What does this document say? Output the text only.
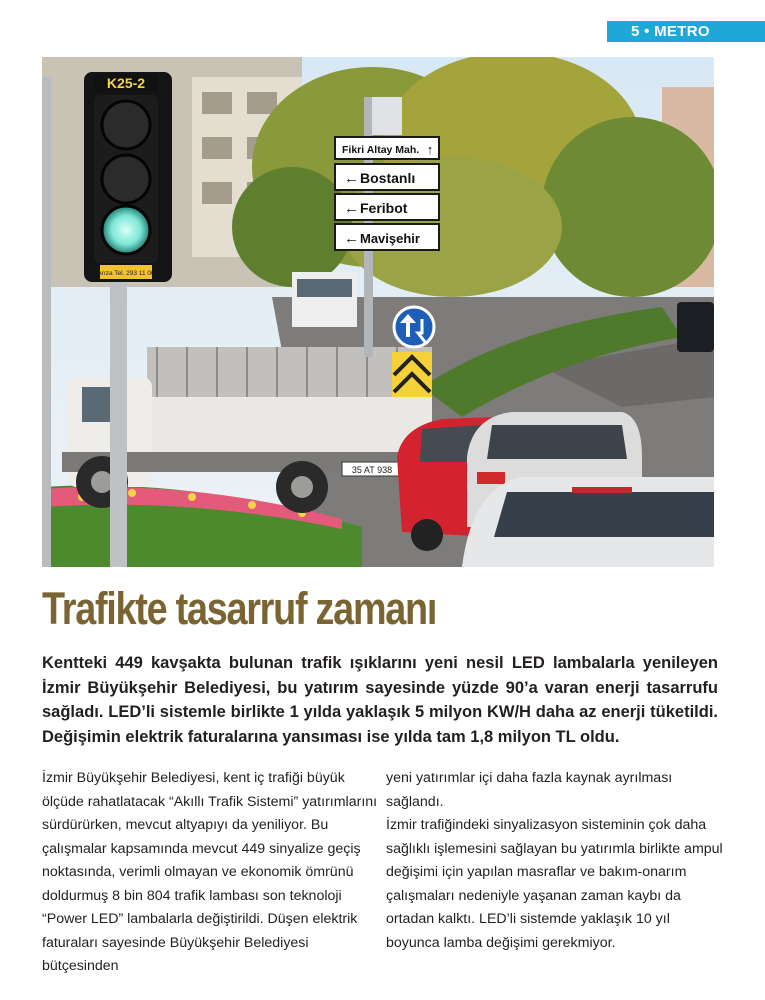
5 • METRO
35 AT 938
Fikri Altay Mah. ↑
← Bostanlı
← Feribot
← Mavişehir
K25-2
Arıza Tel. 293 11 00
Trafikte tasarruf zamanı

Kentteki 449 kavşakta bulunan trafik ışıklarını yeni nesil LED lambalarla yenileyen İzmir Büyükşehir Belediyesi, bu yatırım sayesinde yüzde 90’a varan enerji tasarrufu sağladı. LED’li sistemle birlikte 1 yılda yaklaşık 5 milyon KW/H daha az enerji tüketildi. Değişimin elektrik faturalarına yansıması ise yılda tam 1,8 milyon TL oldu.

İzmir Büyükşehir Belediyesi, kent iç trafiği büyük ölçüde rahatlatacak “Akıllı Trafik Sistemi” yatırımlarını sürdürürken, mevcut altyapıyı da yeniliyor. Bu çalışmalar kapsamında mevcut 449 sinyalize geçiş noktasında, verimli olmayan ve ekonomik ömrünü doldurmuş 8 bin 804 trafik lambası son teknoloji “Power LED” lambalarla değiştirildi. Düşen elektrik faturaları sayesinde Büyükşehir Belediyesi bütçesinden

yeni yatırımlar içi daha fazla kaynak ayrılması sağlandı.

İzmir trafiğindeki sinyalizasyon sisteminin çok daha sağlıklı işlemesini sağlayan bu yatırımla birlikte ampul değişimi için yapılan masraflar ve bakım-onarım çalışmaları nedeniyle yaşanan zaman kaybı da ortadan kalktı. LED’li sistemde yaklaşık 10 yıl boyunca lamba değişimi gerekmiyor.
